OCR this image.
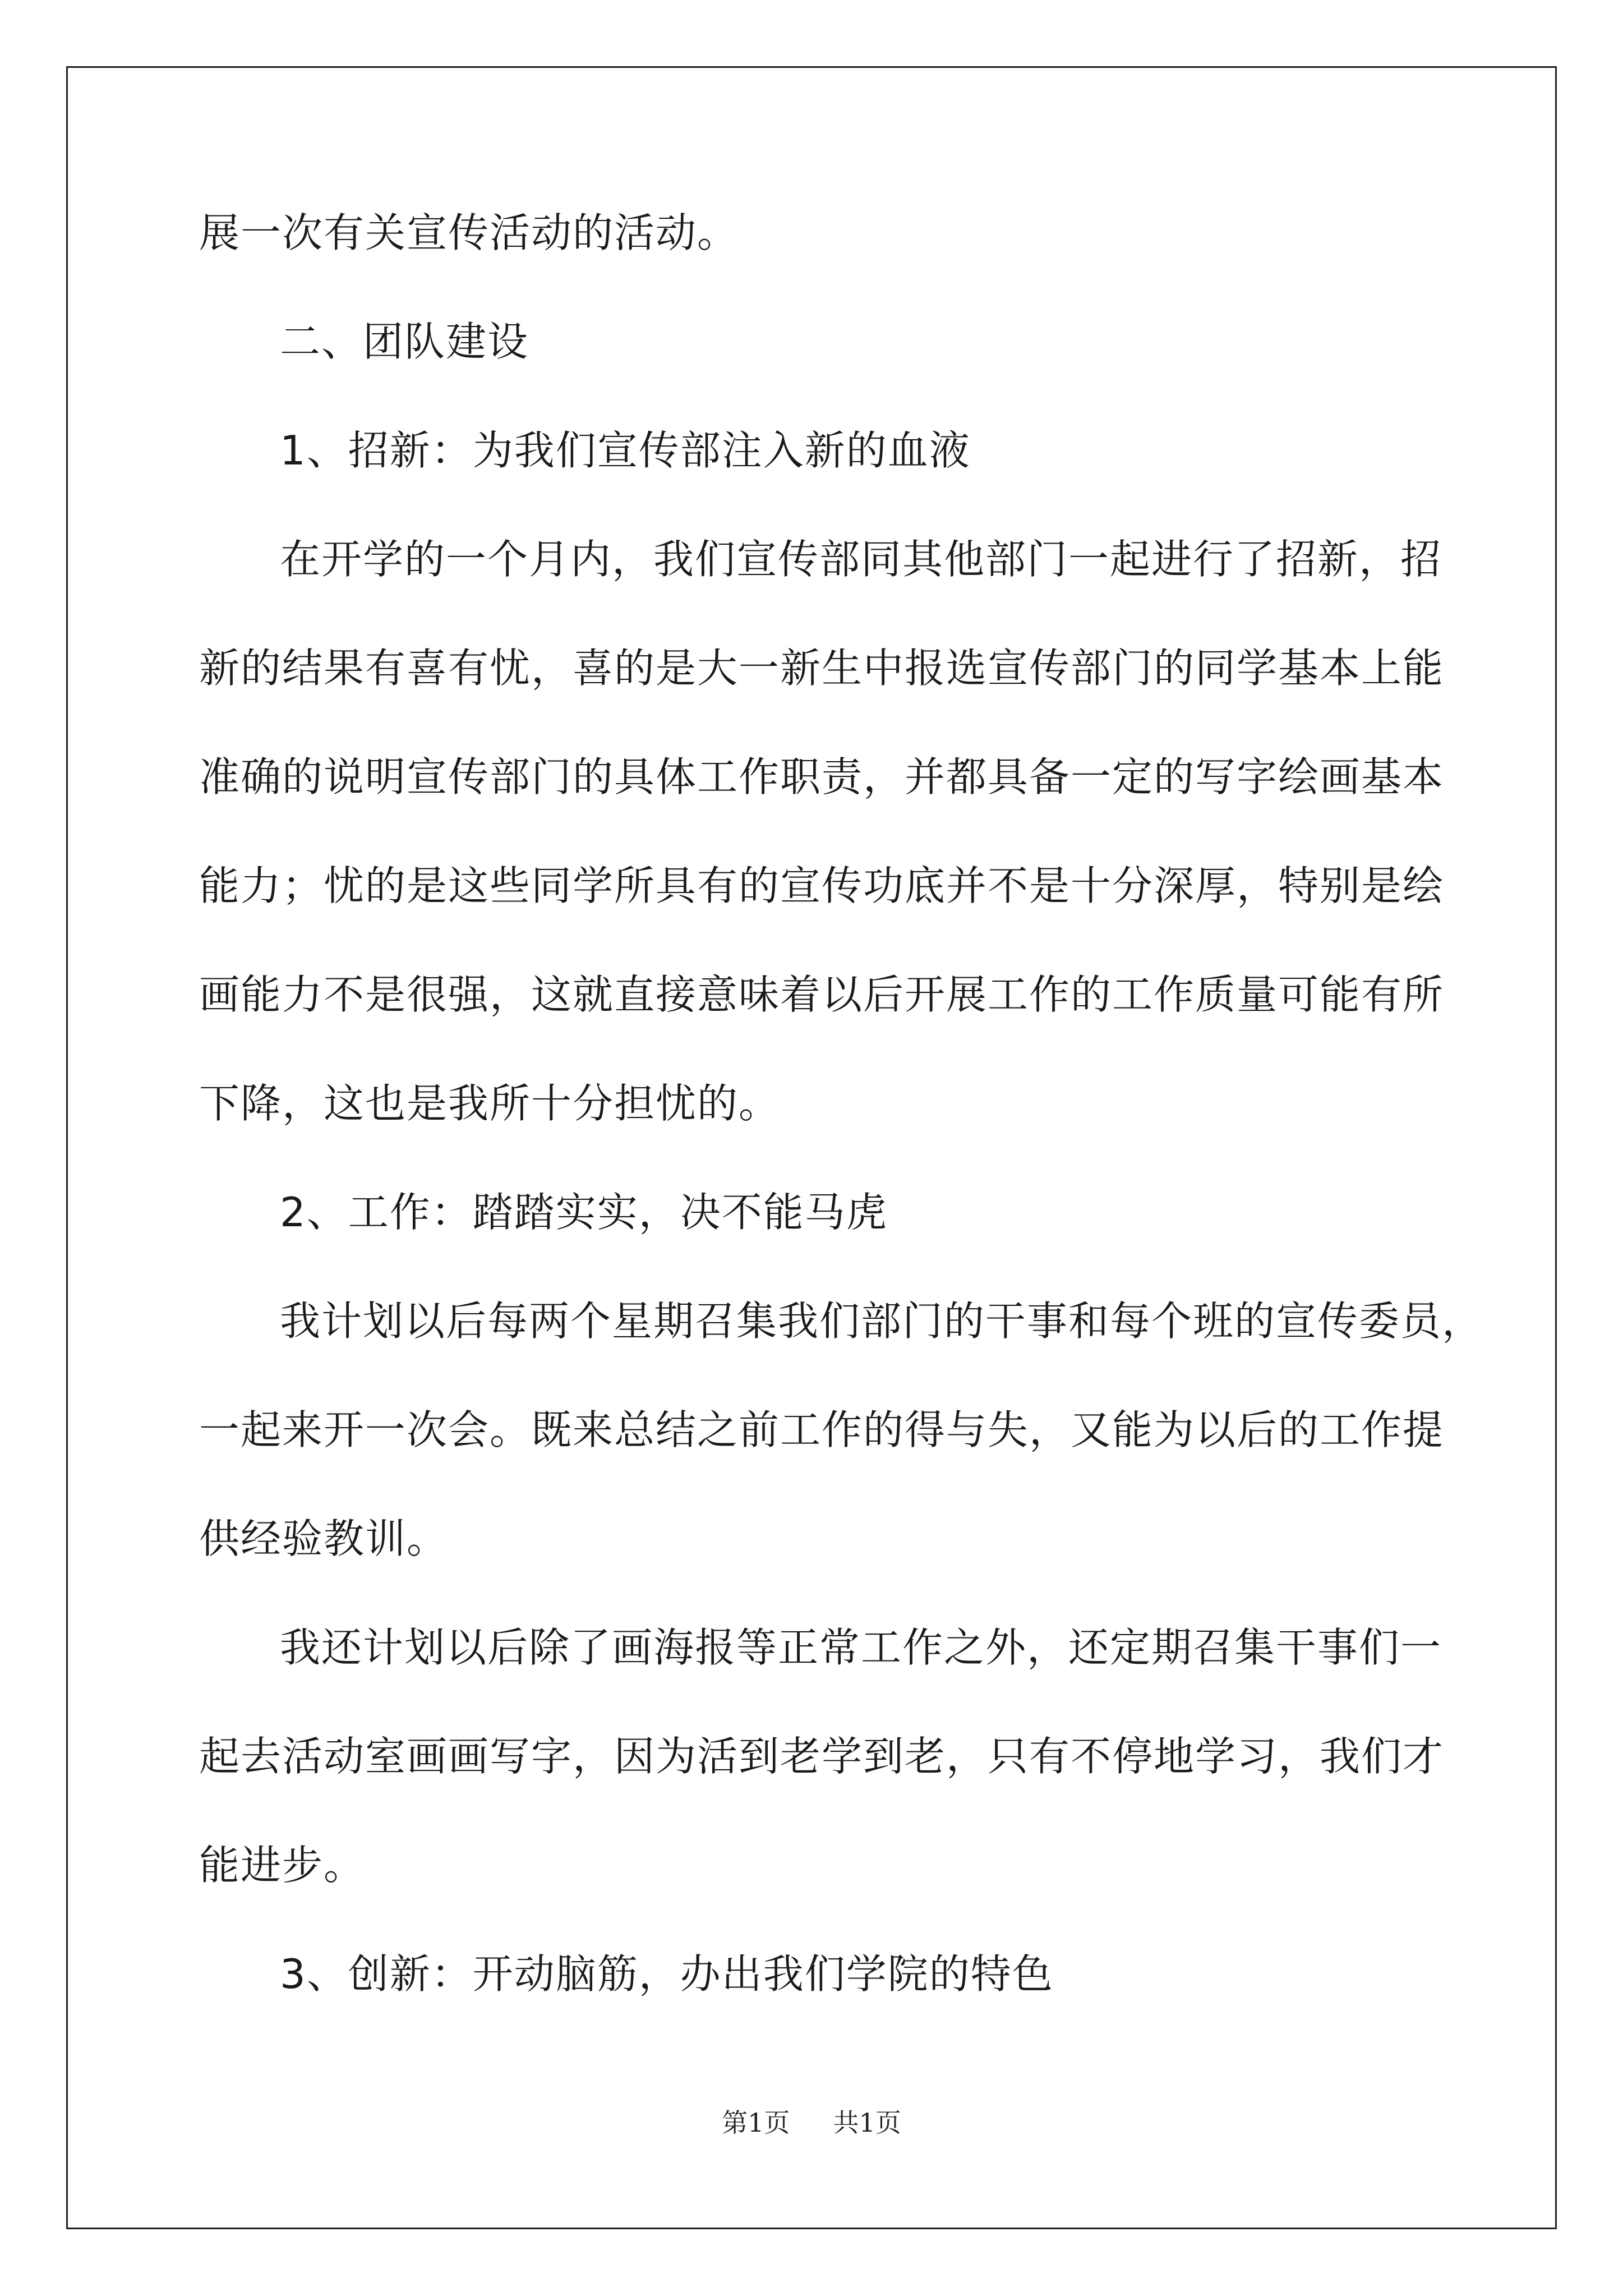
展一次有关宣传活动的活动。
二、团队建设
1、招新：为我们宣传部注入新的血液
在开学的一个月内，我们宣传部同其他部门一起进行了招新，招
新的结果有喜有忧，喜的是大一新生中报选宣传部门的同学基本上能
准确的说明宣传部门的具体工作职责，并都具备一定的写字绘画基本
能力；忧的是这些同学所具有的宣传功底并不是十分深厚，特别是绘
画能力不是很强，这就直接意味着以后开展工作的工作质量可能有所
下降，这也是我所十分担忧的。
2、工作：踏踏实实，决不能马虎
我计划以后每两个星期召集我们部门的干事和每个班的宣传委员，
一起来开一次会。既来总结之前工作的得与失，又能为以后的工作提
供经验教训。
我还计划以后除了画海报等正常工作之外，还定期召集干事们一
起去活动室画画写字，因为活到老学到老，只有不停地学习，我们才
能进步。
3、创新：开动脑筋，办出我们学院的特色
第1页 共1页
